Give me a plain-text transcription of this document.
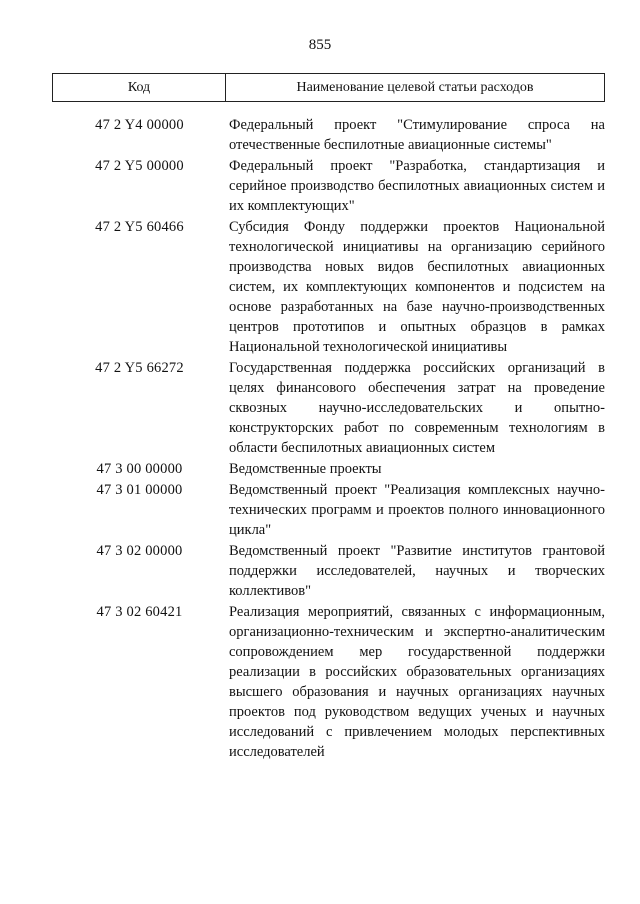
855
Код	Наименование целевой статьи расходов
47 2 Y4 00000	Федеральный проект "Стимулирование спроса на отечественные беспилотные авиационные системы"
47 2 Y5 00000	Федеральный проект "Разработка, стандартизация и серийное производство беспилотных авиационных систем и их комплектующих"
47 2 Y5 60466	Субсидия Фонду поддержки проектов Национальной технологической инициативы на организацию серийного производства новых видов беспилотных авиационных систем, их комплектующих компонентов и подсистем на основе разработанных на базе научно-производственных центров прототипов и опытных образцов в рамках Национальной технологической инициативы
47 2 Y5 66272	Государственная поддержка российских организаций в целях финансового обеспечения затрат на проведение сквозных научно-исследовательских и опытно-конструкторских работ по современным технологиям в области беспилотных авиационных систем
47 3 00 00000	Ведомственные проекты
47 3 01 00000	Ведомственный проект "Реализация комплексных научно-технических программ и проектов полного инновационного цикла"
47 3 02 00000	Ведомственный проект "Развитие институтов грантовой поддержки исследователей, научных и творческих коллективов"
47 3 02 60421	Реализация мероприятий, связанных с информационным, организационно-техническим и экспертно-аналитическим сопровождением мер государственной поддержки реализации в российских образовательных организациях высшего образования и научных организациях научных проектов под руководством ведущих ученых и научных исследований с привлечением молодых перспективных исследователей
